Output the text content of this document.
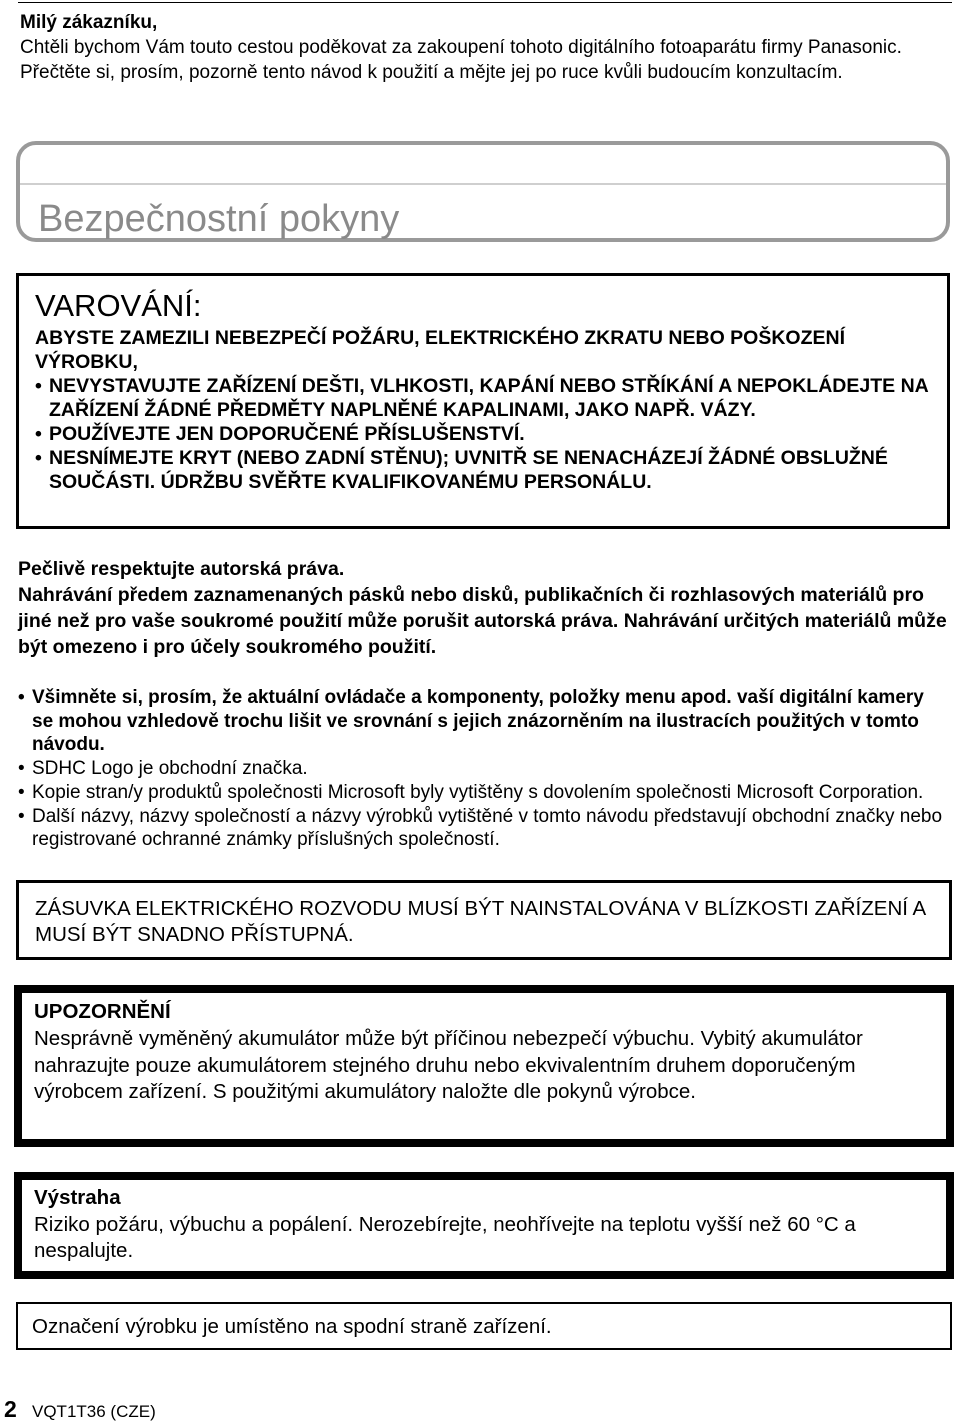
Milý zákazníku,
Chtěli bychom Vám touto cestou poděkovat za zakoupení tohoto digitálního fotoaparátu firmy Panasonic. Přečtěte si, prosím, pozorně tento návod k použití a mějte jej po ruce kvůli budoucím konzultacím.
Bezpečnostní pokyny
VAROVÁNÍ:
ABYSTE ZAMEZILI NEBEZPEČÍ POŽÁRU, ELEKTRICKÉHO ZKRATU NEBO POŠKOZENÍ VÝROBKU,
• NEVYSTAVUJTE ZAŘÍZENÍ DEŠTI, VLHKOSTI, KAPÁNÍ NEBO STŘÍKÁNÍ A NEPOKLÁDEJTE NA ZAŘÍZENÍ ŽÁDNÉ PŘEDMĚTY NAPLNĚNÉ KAPALINAMI, JAKO NAPŘ. VÁZY.
• POUŽÍVEJTE JEN DOPORUČENÉ PŘÍSLUŠENSTVÍ.
• NESNÍMEJTE KRYT (NEBO ZADNÍ STĚNU); UVNITŘ SE NENACHÁZEJÍ ŽÁDNÉ OBSLUŽNÉ SOUČÁSTI. ÚDRŽBU SVĚŘTE KVALIFIKOVANÉMU PERSONÁLU.
Pečlivě respektujte autorská práva.
Nahrávání předem zaznamenaných pásků nebo disků, publikačních či rozhlasových materiálů pro jiné než pro vaše soukromé použití může porušit autorská práva. Nahrávání určitých materiálů může být omezeno i pro účely soukromého použití.
• Všimněte si, prosím, že aktuální ovládače a komponenty, položky menu apod. vaší digitální kamery se mohou vzhledově trochu lišit ve srovnání s jejich znázorněním na ilustracích použitých v tomto návodu.
• SDHC Logo je obchodní značka.
• Kopie stran/y produktů společnosti Microsoft byly vytištěny s dovolením společnosti Microsoft Corporation.
• Další názvy, názvy společností a názvy výrobků vytištěné v tomto návodu představují obchodní značky nebo registrované ochranné známky příslušných společností.
ZÁSUVKA ELEKTRICKÉHO ROZVODU MUSÍ BÝT NAINSTALOVÁNA V BLÍZKOSTI ZAŘÍZENÍ A MUSÍ BÝT SNADNO PŘÍSTUPNÁ.
UPOZORNĚNÍ
Nesprávně vyměněný akumulátor může být příčinou nebezpečí výbuchu. Vybitý akumulátor nahrazujte pouze akumulátorem stejného druhu nebo ekvivalentním druhem doporučeným výrobcem zařízení. S použitými akumulátory naložte dle pokynů výrobce.
Výstraha
Riziko požáru, výbuchu a popálení. Nerozebírejte, neohřívejte na teplotu vyšší než 60 °C a nespalujte.
Označení výrobku je umístěno na spodní straně zařízení.
2 VQT1T36 (CZE)
